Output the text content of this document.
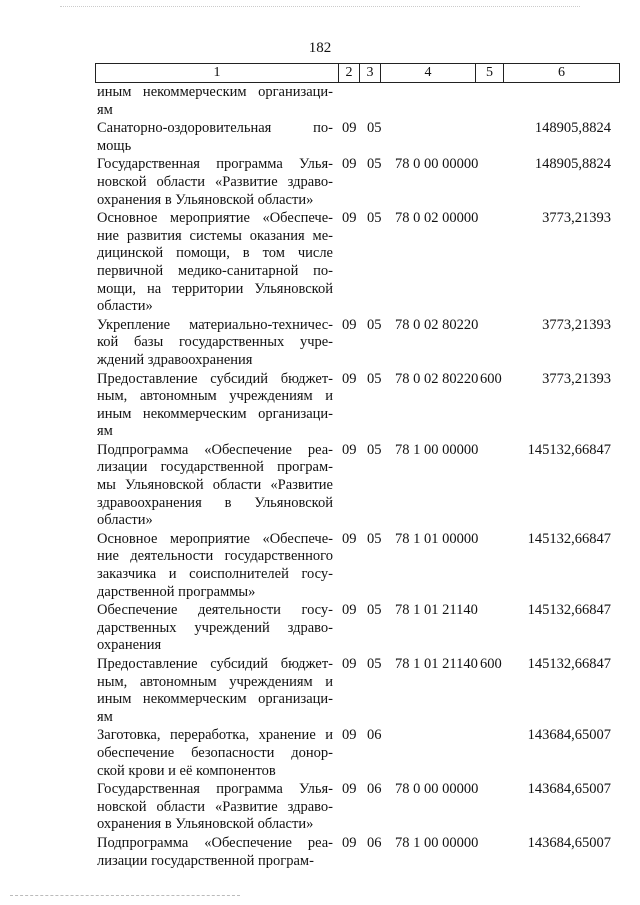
182
1	2	3	4	5	6
иным некоммерческим организаци-
ям
Санаторно-оздоровительная по-
мощь
09 05	148905,8824
Государственная программа Улья-
новской области «Развитие здраво-
охранения в Ульяновской области»
09 05 78 0 00 00000	148905,8824
Основное мероприятие «Обеспече-
ние развития системы оказания ме-
дицинской помощи, в том числе
первичной медико-санитарной по-
мощи, на территории Ульяновской
области»
09 05 78 0 02 00000	3773,21393
Укрепление материально-техничес-
кой базы государственных учре-
ждений здравоохранения
09 05 78 0 02 80220	3773,21393
Предоставление субсидий бюджет-
ным, автономным учреждениям и
иным некоммерческим организаци-
ям
09 05 78 0 02 80220 600	3773,21393
Подпрограмма «Обеспечение реа-
лизации государственной програм-
мы Ульяновской области «Развитие
здравоохранения в Ульяновской
области»
09 05 78 1 00 00000	145132,66847
Основное мероприятие «Обеспече-
ние деятельности государственного
заказчика и соисполнителей госу-
дарственной программы»
09 05 78 1 01 00000	145132,66847
Обеспечение деятельности госу-
дарственных учреждений здраво-
охранения
09 05 78 1 01 21140	145132,66847
Предоставление субсидий бюджет-
ным, автономным учреждениям и
иным некоммерческим организаци-
ям
09 05 78 1 01 21140 600 145132,66847
Заготовка, переработка, хранение и
обеспечение безопасности донор-
ской крови и её компонентов
09 06	143684,65007
Государственная программа Улья-
новской области «Развитие здраво-
охранения в Ульяновской области»
09 06 78 0 00 00000	143684,65007
Подпрограмма «Обеспечение реа-
лизации государственной програм-
09 06 78 1 00 00000	143684,65007
